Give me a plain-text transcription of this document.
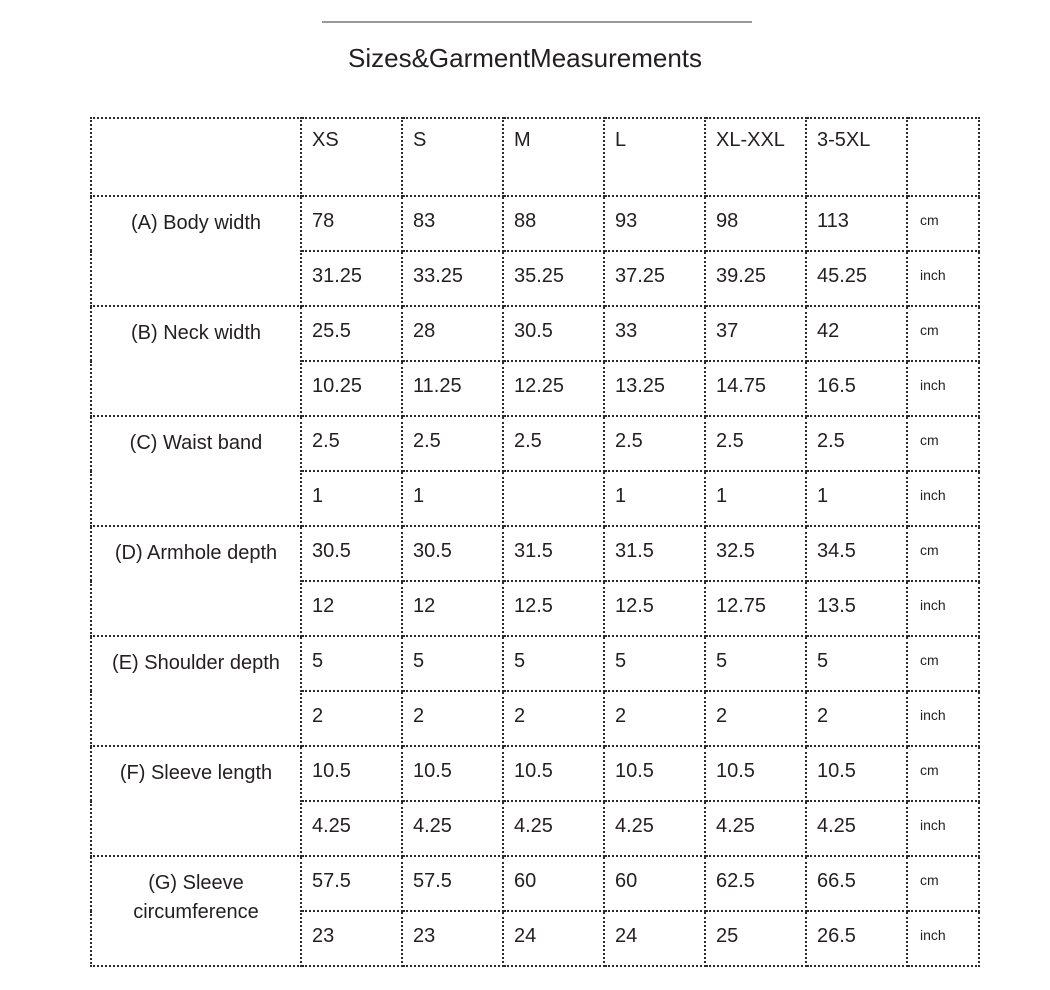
Sizes&GarmentMeasurements

	XS	S	M	L	XL-XXL	3-5XL	

(A) Body width	78	83	88	93	98	113	cm

	31.25	33.25	35.25	37.25	39.25	45.25	inch

(B) Neck width	25.5	28	30.5	33	37	42	cm

	10.25	11.25	12.25	13.25	14.75	16.5	inch

(C) Waist band	2.5	2.5	2.5	2.5	2.5	2.5	cm

	1	1		1	1	1	inch

(D) Armhole depth	30.5	30.5	31.5	31.5	32.5	34.5	cm

	12	12	12.5	12.5	12.75	13.5	inch

(E) Shoulder depth	5	5	5	5	5	5	cm

	2	2	2	2	2	2	inch

(F) Sleeve length	10.5	10.5	10.5	10.5	10.5	10.5	cm

	4.25	4.25	4.25	4.25	4.25	4.25	inch

(G) Sleeve circumference	57.5	57.5	60	60	62.5	66.5	cm

	23	23	24	24	25	26.5	inch
